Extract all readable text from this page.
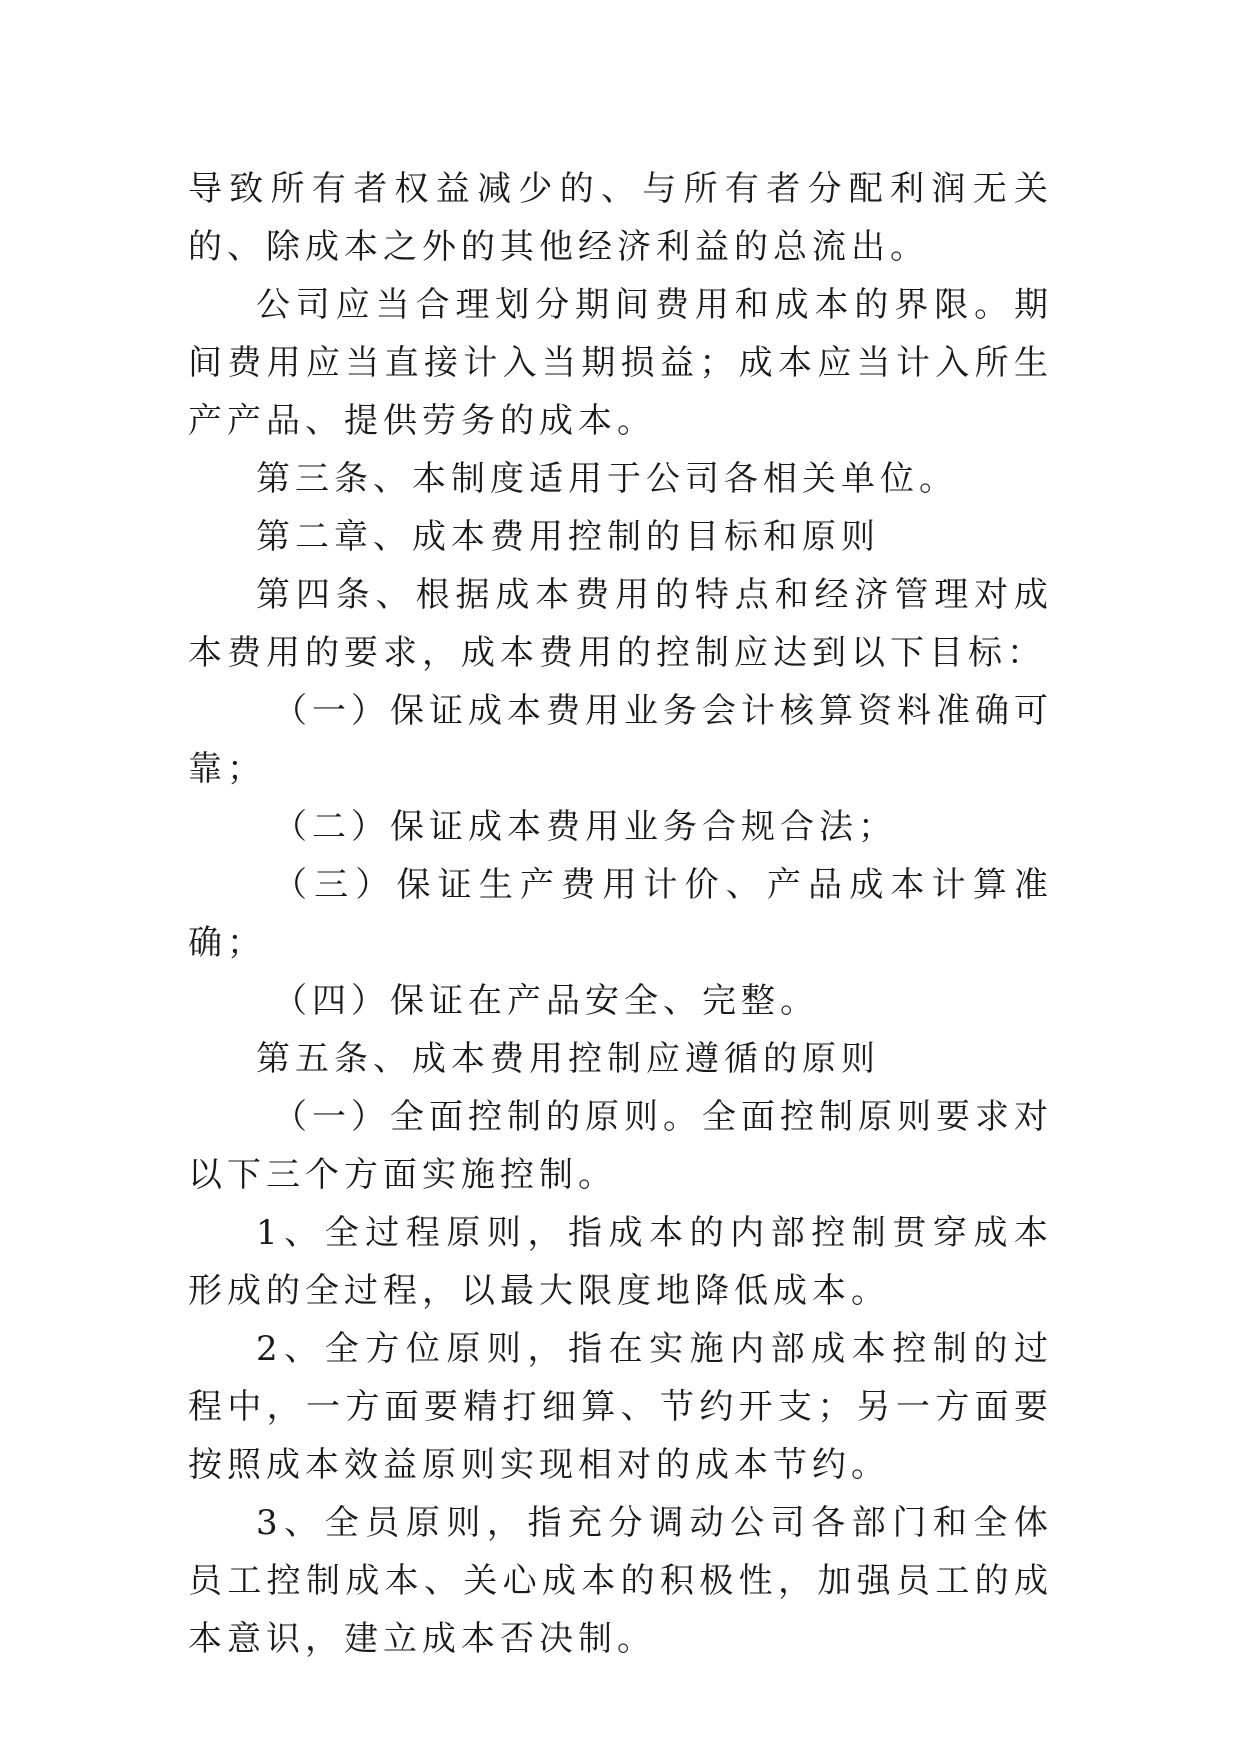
导致所有者权益减少的、与所有者分配利润无关的、除成本之外的其他经济利益的总流出。

公司应当合理划分期间费用和成本的界限。期间费用应当直接计入当期损益；成本应当计入所生产产品、提供劳务的成本。

第三条、本制度适用于公司各相关单位。

第二章、成本费用控制的目标和原则

第四条、根据成本费用的特点和经济管理对成本费用的要求，成本费用的控制应达到以下目标：

（一）保证成本费用业务会计核算资料准确可靠；

（二）保证成本费用业务合规合法；

（三）保证生产费用计价、产品成本计算准确；

（四）保证在产品安全、完整。

第五条、成本费用控制应遵循的原则

（一）全面控制的原则。全面控制原则要求对以下三个方面实施控制。

1、全过程原则，指成本的内部控制贯穿成本形成的全过程，以最大限度地降低成本。

2、全方位原则，指在实施内部成本控制的过程中，一方面要精打细算、节约开支；另一方面要按照成本效益原则实现相对的成本节约。

3、全员原则，指充分调动公司各部门和全体员工控制成本、关心成本的积极性，加强员工的成本意识，建立成本否决制。
